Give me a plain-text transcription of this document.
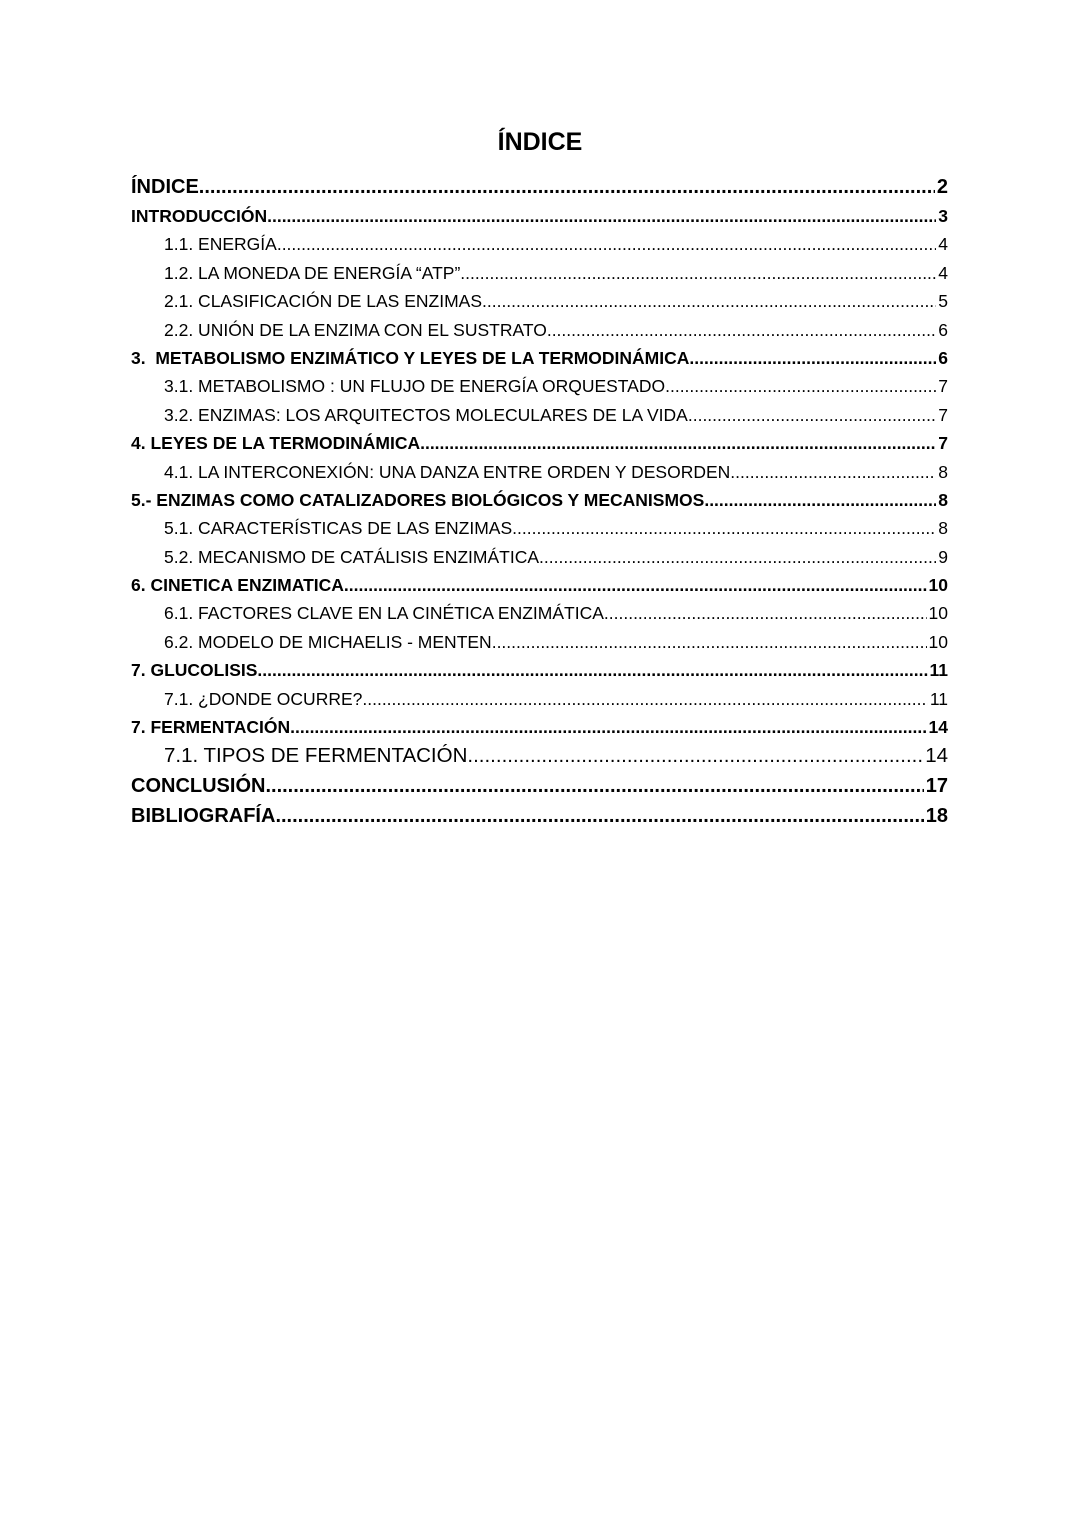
ÍNDICE
ÍNDICE .....	2
INTRODUCCIÓN .....	3
1.1. ENERGÍA .....	4
1.2. LA MONEDA DE ENERGÍA “ATP” .....	4
2.1. CLASIFICACIÓN DE LAS ENZIMAS .....	5
2.2. UNIÓN DE LA ENZIMA CON EL SUSTRATO .....	6
3.  METABOLISMO ENZIMÁTICO Y LEYES DE LA TERMODINÁMICA .....	6
3.1. METABOLISMO : UN FLUJO DE ENERGÍA ORQUESTADO .....	7
3.2. ENZIMAS: LOS ARQUITECTOS MOLECULARES DE LA VIDA .....	7
4. LEYES DE LA TERMODINÁMICA .....	7
4.1. LA INTERCONEXIÓN: UNA DANZA ENTRE ORDEN Y DESORDEN .....	8
5.- ENZIMAS COMO CATALIZADORES BIOLÓGICOS Y MECANISMOS .....	8
5.1. CARACTERÍSTICAS DE LAS ENZIMAS .....	8
5.2. MECANISMO DE CATÁLISIS ENZIMÁTICA .....	9
6. CINETICA ENZIMATICA .....	10
6.1. FACTORES CLAVE EN LA CINÉTICA ENZIMÁTICA .....	10
6.2. MODELO DE MICHAELIS - MENTEN .....	10
7. GLUCOLISIS .....	11
7.1. ¿DONDE OCURRE? .....	11
7. FERMENTACIÓN .....	14
7.1. TIPOS DE FERMENTACIÓN .....	14
CONCLUSIÓN .....	17
BIBLIOGRAFÍA .....	18
